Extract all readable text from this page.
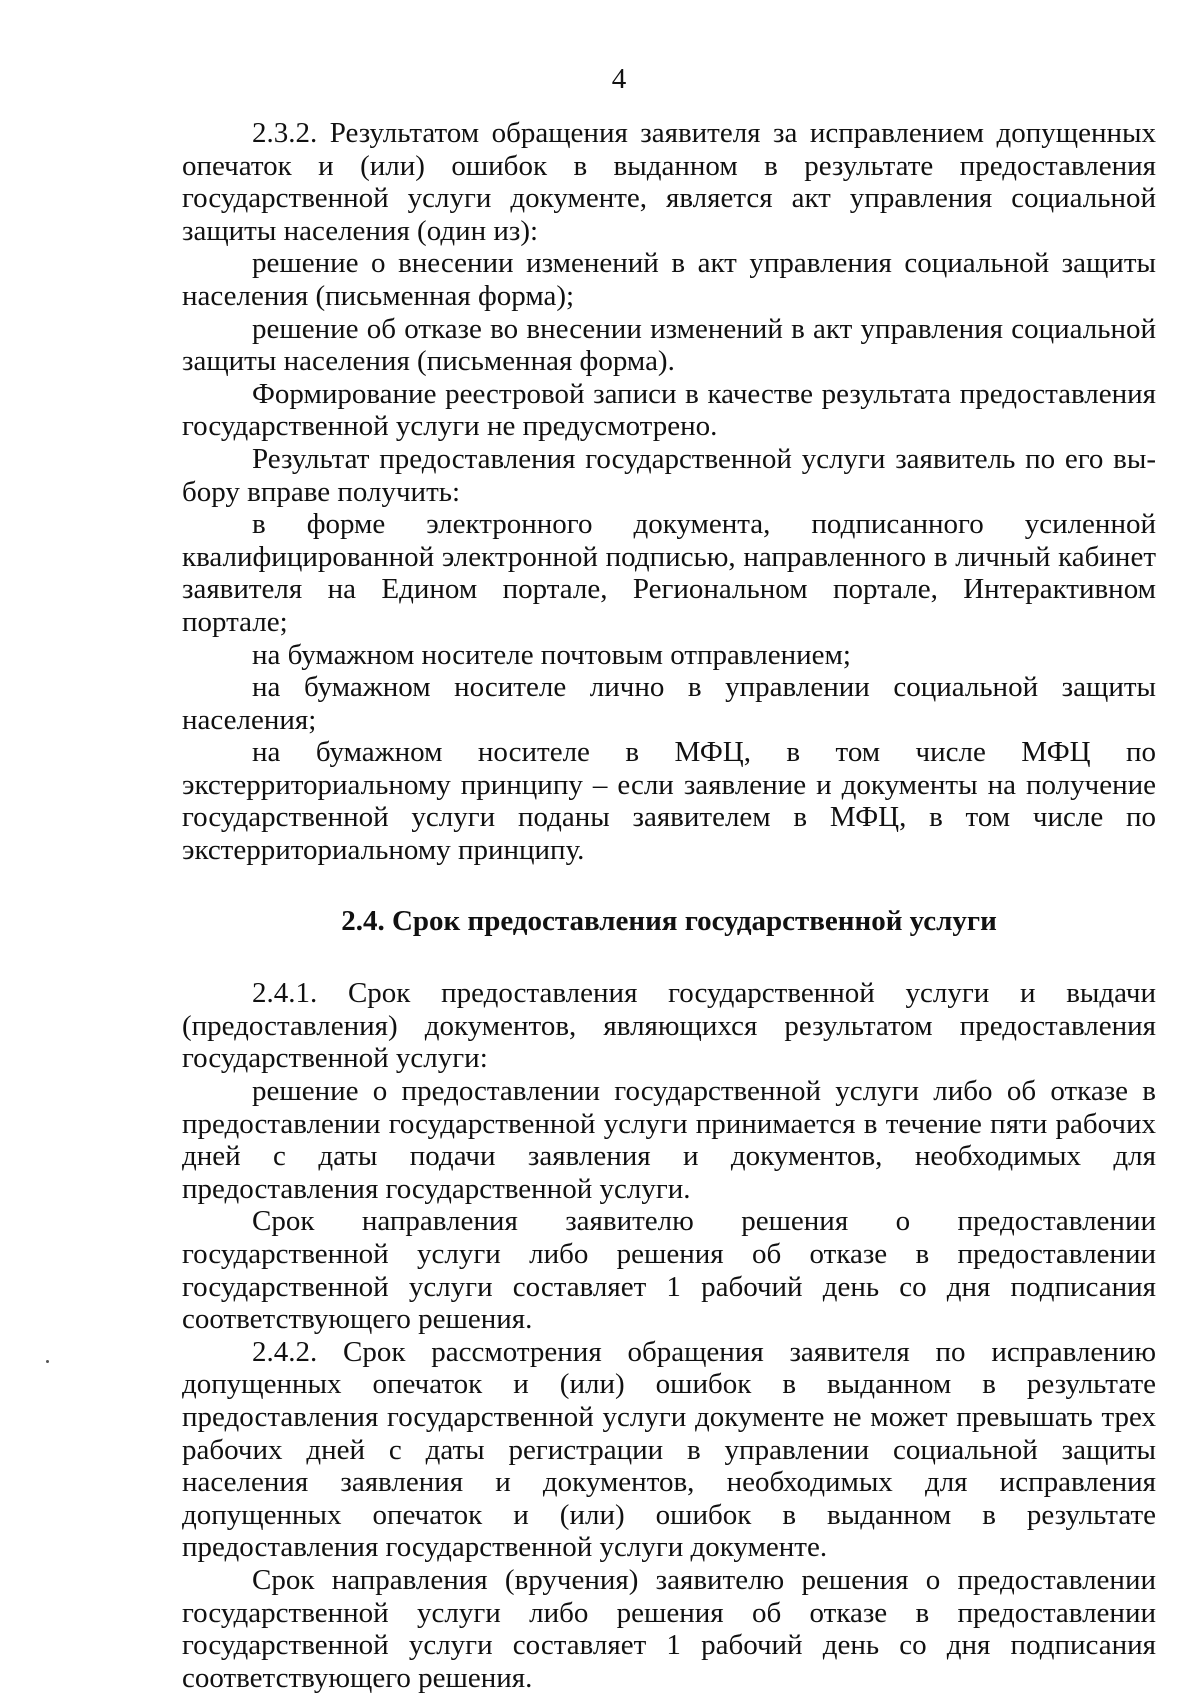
4

2.3.2. Результатом обращения заявителя за исправлением допущенных опечаток и (или) ошибок в выданном в результате предоставления государственной услуги документе, является акт управления социальной защиты населения (один из):

решение о внесении изменений в акт управления социальной защиты населения (письменная форма);

решение об отказе во внесении изменений в акт управления социальной защиты населения (письменная форма).

Формирование реестровой записи в качестве результата предоставления государственной услуги не предусмотрено.

Результат предоставления государственной услуги заявитель по его выбору вправе получить:

в форме электронного документа, подписанного усиленной квалифицированной электронной подписью, направленного в личный кабинет заявителя на Едином портале, Региональном портале, Интерактивном портале;

на бумажном носителе почтовым отправлением;

на бумажном носителе лично в управлении социальной защиты населения;

на бумажном носителе в МФЦ, в том числе МФЦ по экстерриториальному принципу – если заявление и документы на получение государственной услуги поданы заявителем в МФЦ, в том числе по экстерриториальному принципу.

2.4. Срок предоставления государственной услуги

2.4.1. Срок предоставления государственной услуги и выдачи (предоставления) документов, являющихся результатом предоставления государственной услуги:

решение о предоставлении государственной услуги либо об отказе в предоставлении государственной услуги принимается в течение пяти рабочих дней с даты подачи заявления и документов, необходимых для предоставления государственной услуги.

Срок направления заявителю решения о предоставлении государственной услуги либо решения об отказе в предоставлении государственной услуги составляет 1 рабочий день со дня подписания соответствующего решения.

2.4.2. Срок рассмотрения обращения заявителя по исправлению допущенных опечаток и (или) ошибок в выданном в результате предоставления государственной услуги документе не может превышать трех рабочих дней с даты регистрации в управлении социальной защиты населения заявления и документов, необходимых для исправления допущенных опечаток и (или) ошибок в выданном в результате предоставления государственной услуги документе.

Срок направления (вручения) заявителю решения о предоставлении государственной услуги либо решения об отказе в предоставлении государственной услуги составляет 1 рабочий день со дня подписания соответствующего решения.
